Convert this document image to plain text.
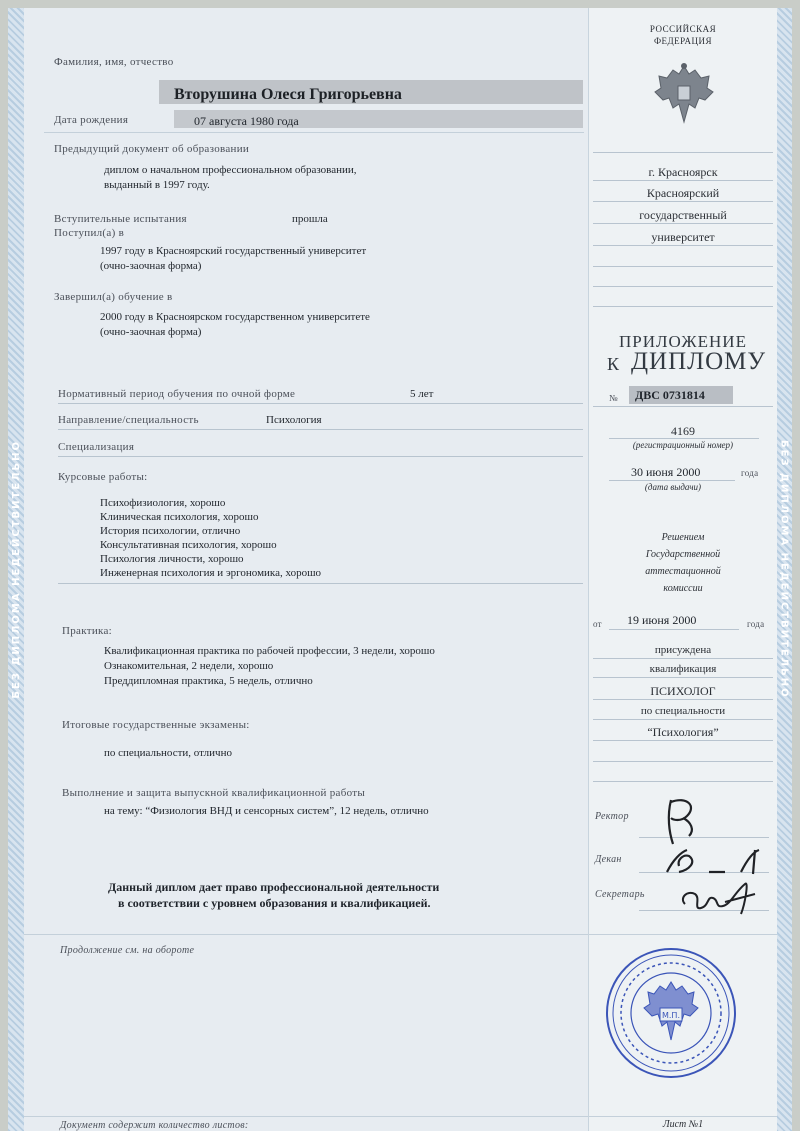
БЕЗ ДИПЛОМА НЕДЕЙСТВИТЕЛЬНО	БЕЗ ДИПЛОМА НЕДЕЙСТВИТЕЛЬНО
Фамилия, имя, отчество
Вторушина Олеся Григорьевна
Дата рождения	07 августа 1980 года
Предыдущий документ об образовании
диплом о начальном профессиональном образовании,
выданный в 1997 году.
Вступительные испытания	прошла
Поступил(а) в
1997 году в Красноярский государственный университет
(очно-заочная форма)
Завершил(а) обучение в
2000 году в Красноярском государственном университете
(очно-заочная форма)
Нормативный период обучения по очной форме	5 лет
Направление/специальность	Психология
Специализация
Курсовые работы:
Психофизиология, хорошо
Клиническая психология, хорошо
История психологии, отлично
Консультативная психология, хорошо
Психология личности, хорошо
Инженерная психология и эргономика, хорошо
Практика:
Квалификационная практика по рабочей профессии, 3 недели, хорошо
Ознакомительная, 2 недели, хорошо
Преддипломная практика, 5 недель, отлично
Итоговые государственные экзамены:
по специальности, отлично
Выполнение и защита выпускной квалификационной работы
на тему: “Физиология ВНД и сенсорных систем”, 12 недель, отлично
Данный диплом дает право профессиональной деятельности
в соответствии с уровнем образования и квалификацией.
Продолжение см. на обороте
Документ содержит количество листов:
РОССИЙСКАЯ
ФЕДЕРАЦИЯ
г. Красноярск
Красноярский
государственный
университет
ПРИЛОЖЕНИЕ
К ДИПЛОМУ
№ ДВС 0731814
4169
(регистрационный номер)
30 июня 2000	года
(дата выдачи)
Решением
Государственной
аттестационной
комиссии
от 19 июня 2000	года
присуждена
квалификация
ПСИХОЛОГ
по специальности
“Психология”
Ректор
Декан
Секретарь
Лист №1
М.П.
